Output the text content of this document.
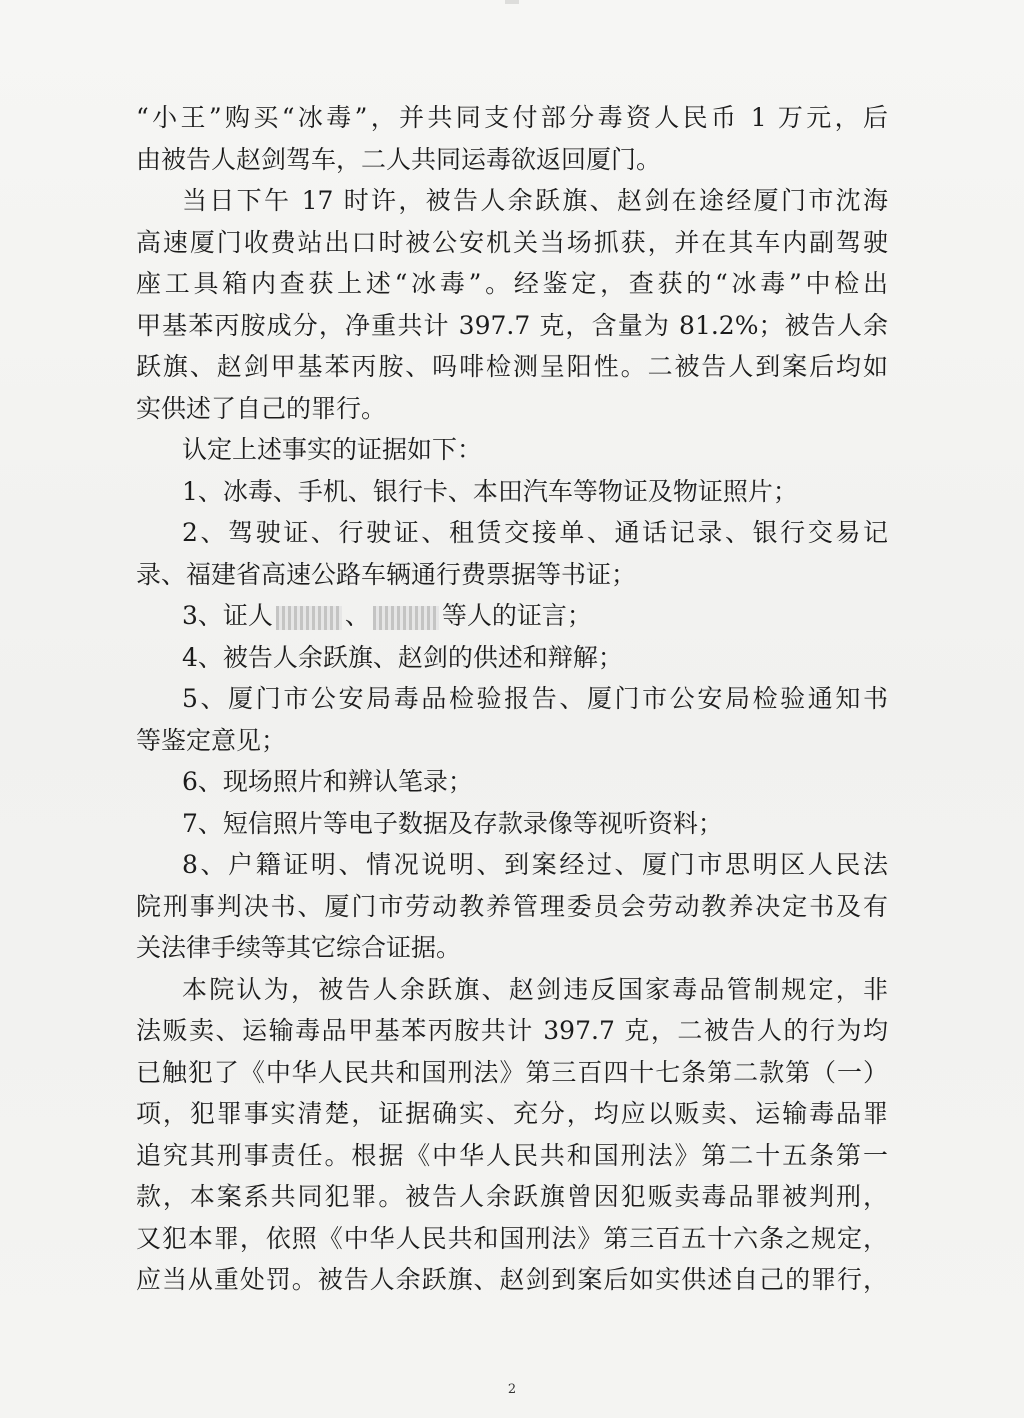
“小王”购买“冰毒”，并共同支付部分毒资人民币 1 万元，后
由被告人赵剑驾车，二人共同运毒欲返回厦门。
当日下午 17 时许，被告人余跃旗、赵剑在途经厦门市沈海
高速厦门收费站出口时被公安机关当场抓获，并在其车内副驾驶
座工具箱内查获上述“冰毒”。经鉴定，查获的“冰毒”中检出
甲基苯丙胺成分，净重共计 397.7 克，含量为 81.2%；被告人余
跃旗、赵剑甲基苯丙胺、吗啡检测呈阳性。二被告人到案后均如
实供述了自己的罪行。
认定上述事实的证据如下：
1、冰毒、手机、银行卡、本田汽车等物证及物证照片；
2、驾驶证、行驶证、租赁交接单、通话记录、银行交易记
录、福建省高速公路车辆通行费票据等书证；
3、证人	、	等人的证言；
4、被告人余跃旗、赵剑的供述和辩解；
5、厦门市公安局毒品检验报告、厦门市公安局检验通知书
等鉴定意见；
6、现场照片和辨认笔录；
7、短信照片等电子数据及存款录像等视听资料；
8、户籍证明、情况说明、到案经过、厦门市思明区人民法
院刑事判决书、厦门市劳动教养管理委员会劳动教养决定书及有
关法律手续等其它综合证据。
本院认为，被告人余跃旗、赵剑违反国家毒品管制规定，非
法贩卖、运输毒品甲基苯丙胺共计 397.7 克，二被告人的行为均
已触犯了《中华人民共和国刑法》第三百四十七条第二款第（一）
项，犯罪事实清楚，证据确实、充分，均应以贩卖、运输毒品罪
追究其刑事责任。根据《中华人民共和国刑法》第二十五条第一
款，本案系共同犯罪。被告人余跃旗曾因犯贩卖毒品罪被判刑，
又犯本罪，依照《中华人民共和国刑法》第三百五十六条之规定，
应当从重处罚。被告人余跃旗、赵剑到案后如实供述自己的罪行，
2
